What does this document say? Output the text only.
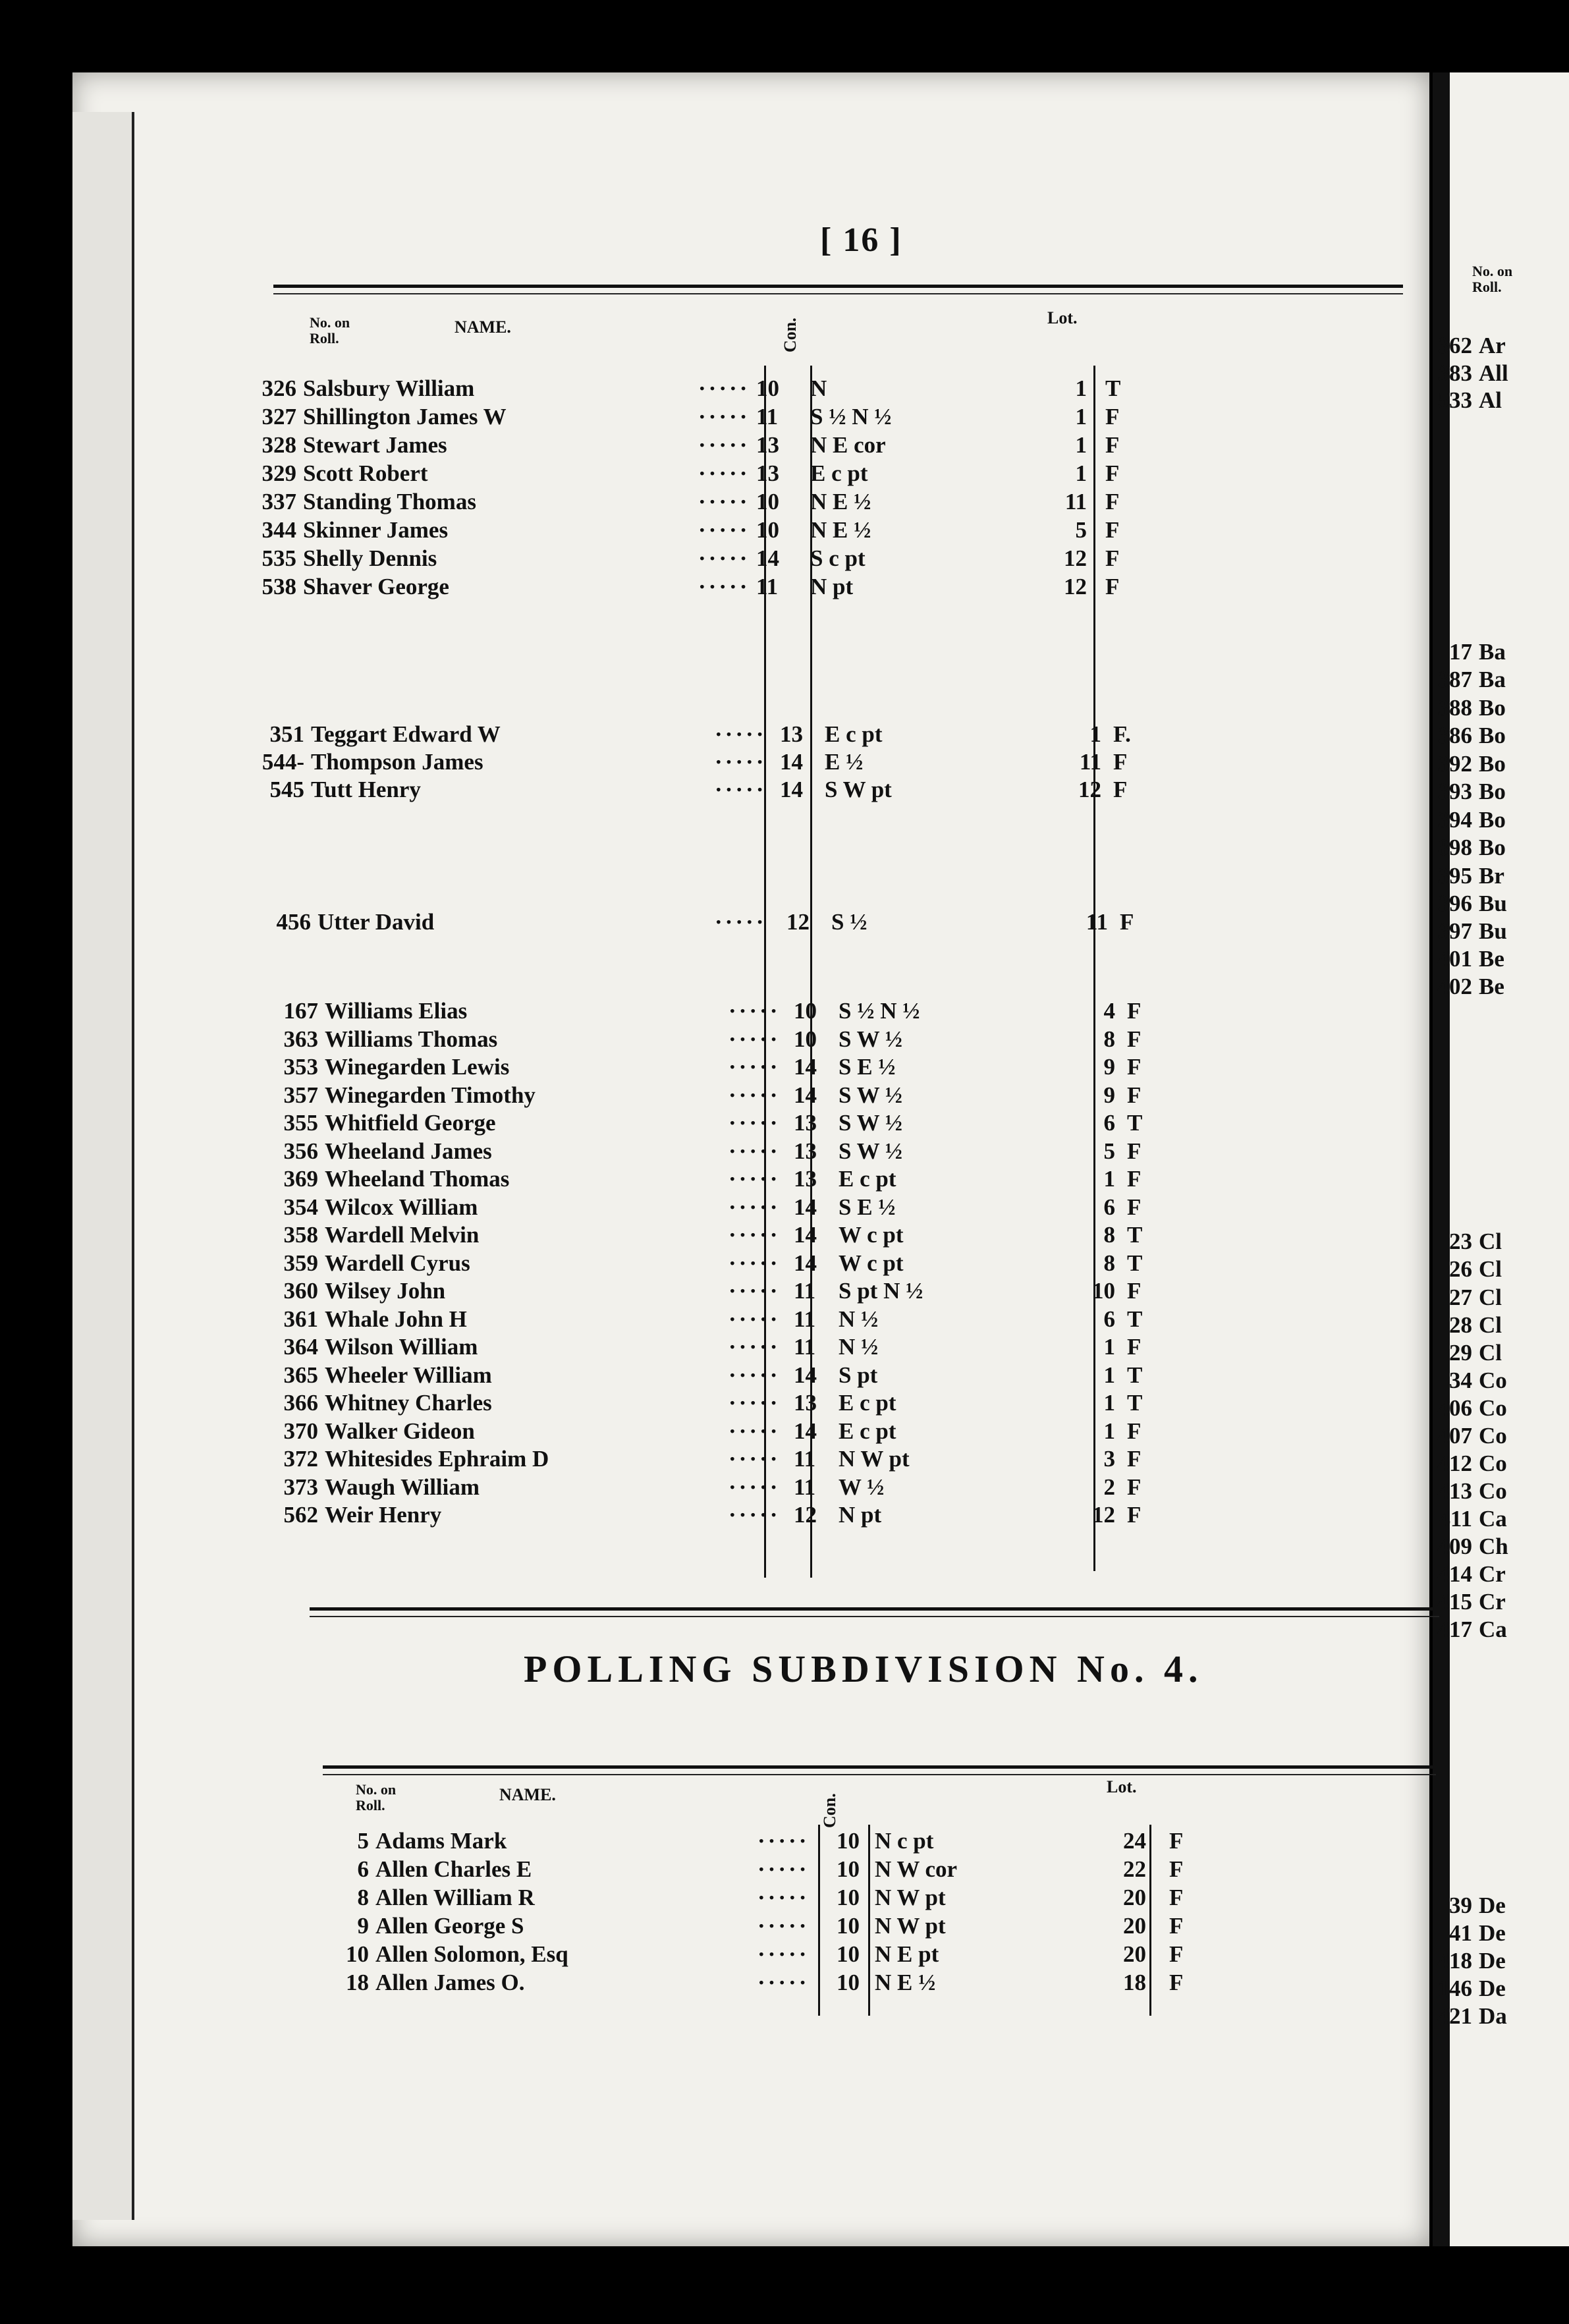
[ 16 ]
No. on Roll.
NAME.	Con.	Lot.
326 Salsbury William	····· 10 N	1 T
327 Shillington James W	····· 11 S ½ N ½	1 F
328 Stewart James	····· 13 N E cor	1 F
329 Scott Robert	····· 13 E c pt	1 F
337 Standing Thomas	····· 10 N E ½	11 F
344 Skinner James	····· 10 N E ½	5 F
535 Shelly Dennis	····· 14 S c pt	12 F
538 Shaver George	····· 11 N pt	12 F
351 Teggart Edward W	····· 13 E c pt	1 F.
544- Thompson James	····· 14 E ½	11 F
545 Tutt Henry	····· 14 S W pt	12 F
456 Utter David	····· 12 S ½	11 F
167 Williams Elias	····· 10 S ½ N ½	4 F
363 Williams Thomas	····· 10 S W ½	8 F
353 Winegarden Lewis	····· 14 S E ½	9 F
357 Winegarden Timothy	····· 14 S W ½	9 F
355 Whitfield George	····· 13 S W ½	6 T
356 Wheeland James	····· 13 S W ½	5 F
369 Wheeland Thomas	····· 13 E c pt	1 F
354 Wilcox William	····· 14 S E ½	6 F
358 Wardell Melvin	····· 14 W c pt	8 T
359 Wardell Cyrus	····· 14 W c pt	8 T
360 Wilsey John	····· 11 S pt N ½	10 F
361 Whale John H	····· 11 N ½	6 T
364 Wilson William	····· 11 N ½	1 F
365 Wheeler William	····· 14 S pt	1 T
366 Whitney Charles	····· 13 E c pt	1 T
370 Walker Gideon	····· 14 E c pt	1 F
372 Whitesides Ephraim D	····· 11 N W pt	3 F
373 Waugh William	····· 11 W ½	2 F
562 Weir Henry	····· 12 N pt	12 F
POLLING SUBDIVISION No. 4.
No. on Roll.
NAME.	Con.
Lot.
5 Adams Mark	····· 10 N c pt	24 F
6 Allen Charles E	····· 10 N W cor	22 F
8 Allen William R	····· 10 N W pt	20 F
9 Allen George S	····· 10 N W pt	20 F
10 Allen Solomon, Esq	····· 10 N E pt	20 F
18 Allen James O.	····· 10 N E ½	18 F
No. on Roll.
362 Ar
383 All
533 Al
17 Ba
387 Ba
388 Bo
386 Bo
392 Bo
393 Bo
394 Bo
898 Bo
395 Br
396 Bu
397 Bu
401 Be
402 Be
23 Cl
26 Cl
27 Cl
28 Cl
29 Cl
34 Co
406 Co
407 Co
412 Co
413 Co
411 Ca
409 Ch
414 Cr
415 Cr
417 Ca
39 De
41 De
418 De
146 De
421 Da
